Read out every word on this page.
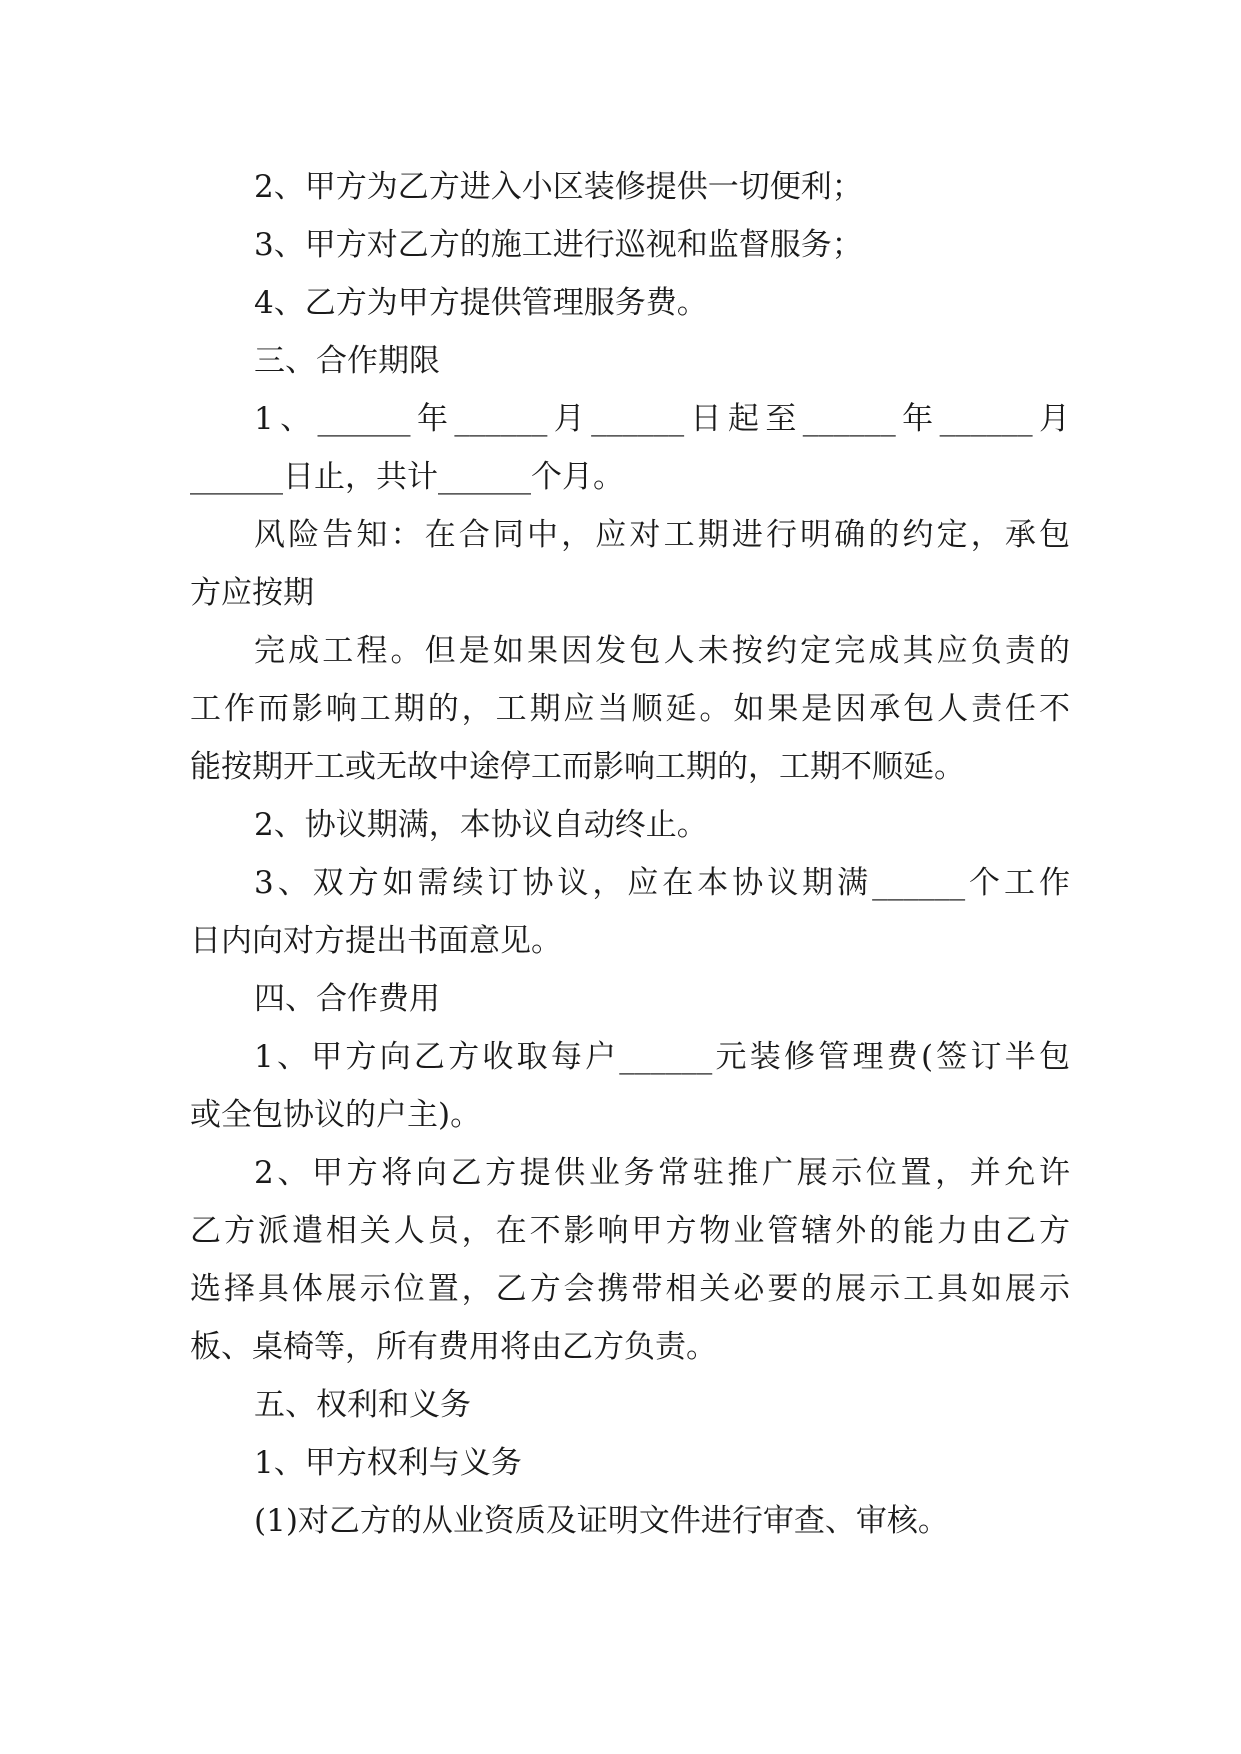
2、甲方为乙方进入小区装修提供一切便利；
3、甲方对乙方的施工进行巡视和监督服务；
4、乙方为甲方提供管理服务费。
三、合作期限
1、______年______月______日起至______年______月
______日止，共计______个月。
风险告知：在合同中，应对工期进行明确的约定，承包
方应按期
完成工程。但是如果因发包人未按约定完成其应负责的
工作而影响工期的，工期应当顺延。如果是因承包人责任不
能按期开工或无故中途停工而影响工期的，工期不顺延。
2、协议期满，本协议自动终止。
3、双方如需续订协议，应在本协议期满______个工作
日内向对方提出书面意见。
四、合作费用
1、甲方向乙方收取每户______元装修管理费(签订半包
或全包协议的户主)。
2、甲方将向乙方提供业务常驻推广展示位置，并允许
乙方派遣相关人员，在不影响甲方物业管辖外的能力由乙方
选择具体展示位置，乙方会携带相关必要的展示工具如展示
板、桌椅等，所有费用将由乙方负责。
五、权利和义务
1、甲方权利与义务
(1)对乙方的从业资质及证明文件进行审查、审核。
